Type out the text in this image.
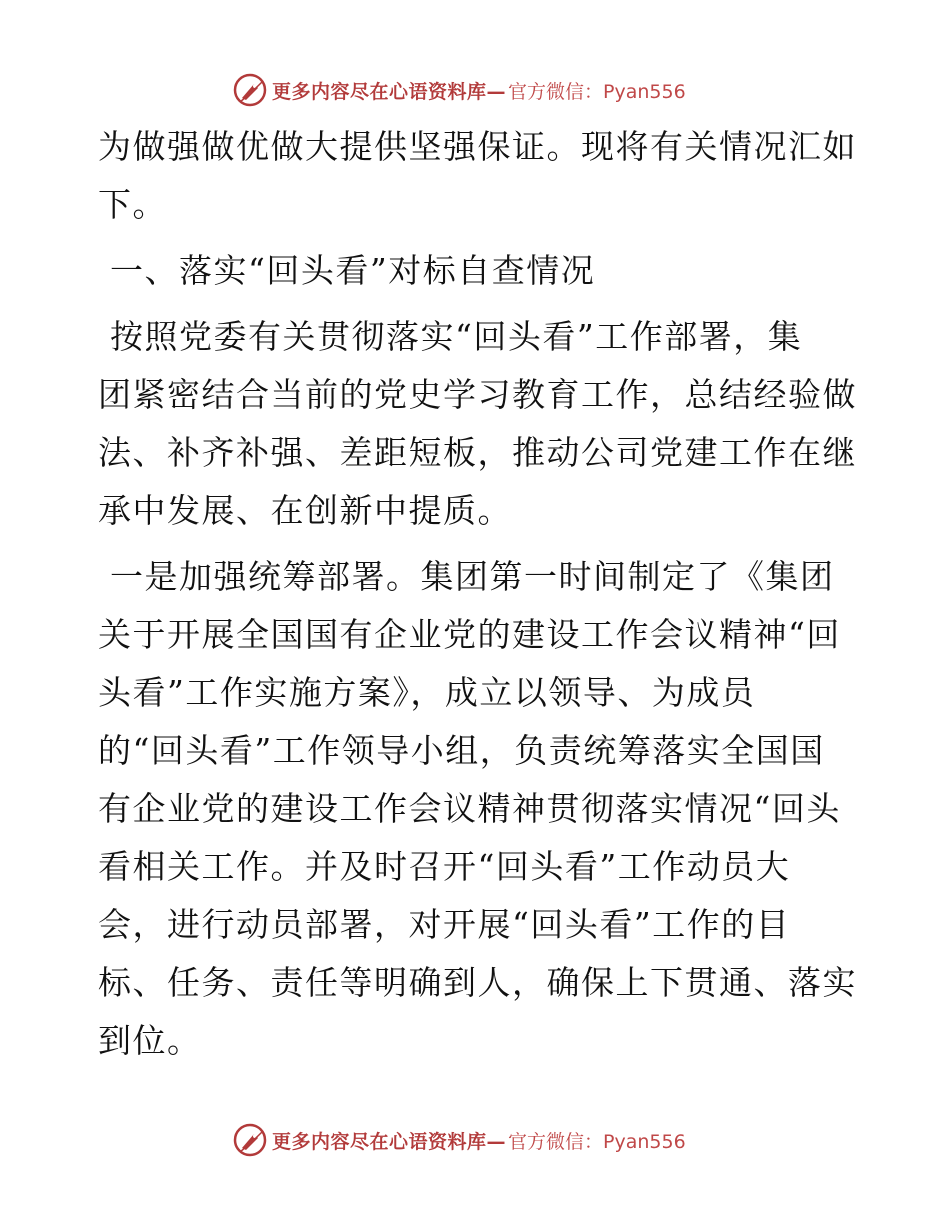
更多内容尽在心语资料库— 官方微信：Pyan556
为做强做优做大提供坚强保证。现将有关情况汇如
下。
一、落实“回头看”对标自查情况
按照党委有关贯彻落实“回头看”工作部署，集
团紧密结合当前的党史学习教育工作，总结经验做
法、补齐补强、差距短板，推动公司党建工作在继
承中发展、在创新中提质。
一是加强统筹部署。集团第一时间制定了《集团
关于开展全国国有企业党的建设工作会议精神“回
头看”工作实施方案》，成立以领导、为成员
的“回头看”工作领导小组，负责统筹落实全国国
有企业党的建设工作会议精神贯彻落实情况“回头
看相关工作。并及时召开“回头看”工作动员大
会，进行动员部署，对开展“回头看”工作的目
标、任务、责任等明确到人，确保上下贯通、落实
到位。
更多内容尽在心语资料库— 官方微信：Pyan556
